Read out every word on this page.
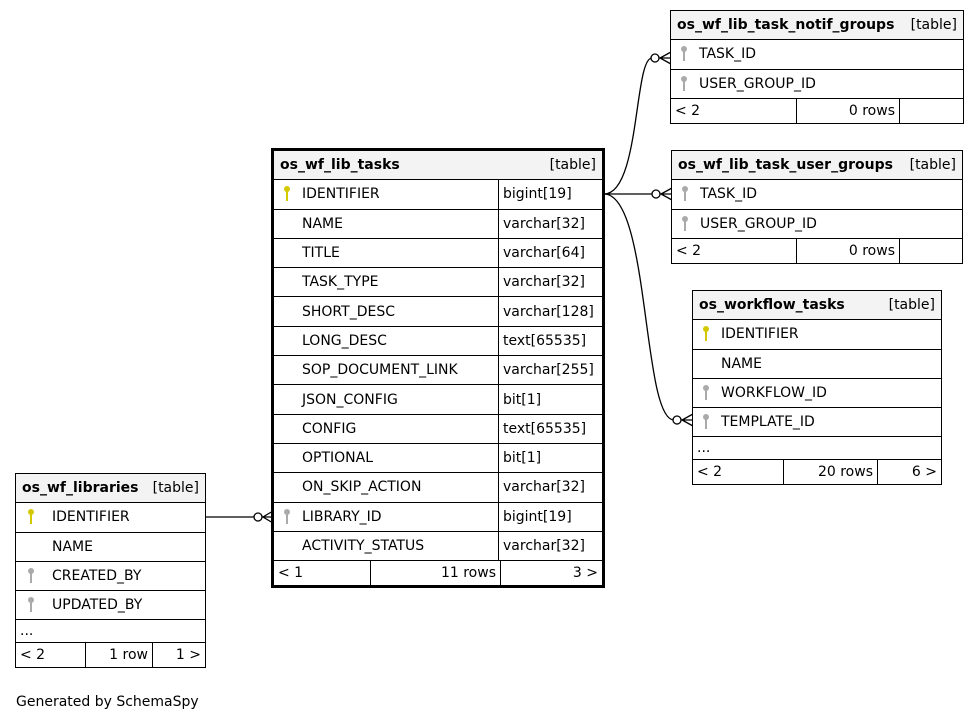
os_wf_lib_task_notif_groups [table]
TASK_ID
USER_GROUP_ID
< 2	0 rows
os_wf_lib_task_user_groups [table]
TASK_ID
USER_GROUP_ID
< 2	0 rows
os_workflow_tasks	[table]
IDENTIFIER
NAME
WORKFLOW_ID
TEMPLATE_ID
...
< 2	20 rows	6 >
os_wf_lib_tasks	[table]
IDENTIFIER	bigint[19]
NAME	varchar[32]
TITLE	varchar[64]
TASK_TYPE	varchar[32]
SHORT_DESC	varchar[128]
LONG_DESC	text[65535]
SOP_DOCUMENT_LINK	varchar[255]
JSON_CONFIG	bit[1]
CONFIG	text[65535]
OPTIONAL	bit[1]
ON_SKIP_ACTION	varchar[32]
LIBRARY_ID	bigint[19]
ACTIVITY_STATUS	varchar[32]
< 1	11 rows	3 >
os_wf_libraries [table]
IDENTIFIER
NAME
CREATED_BY
UPDATED_BY
...
< 2	1 row	1 >
Generated by SchemaSpy
